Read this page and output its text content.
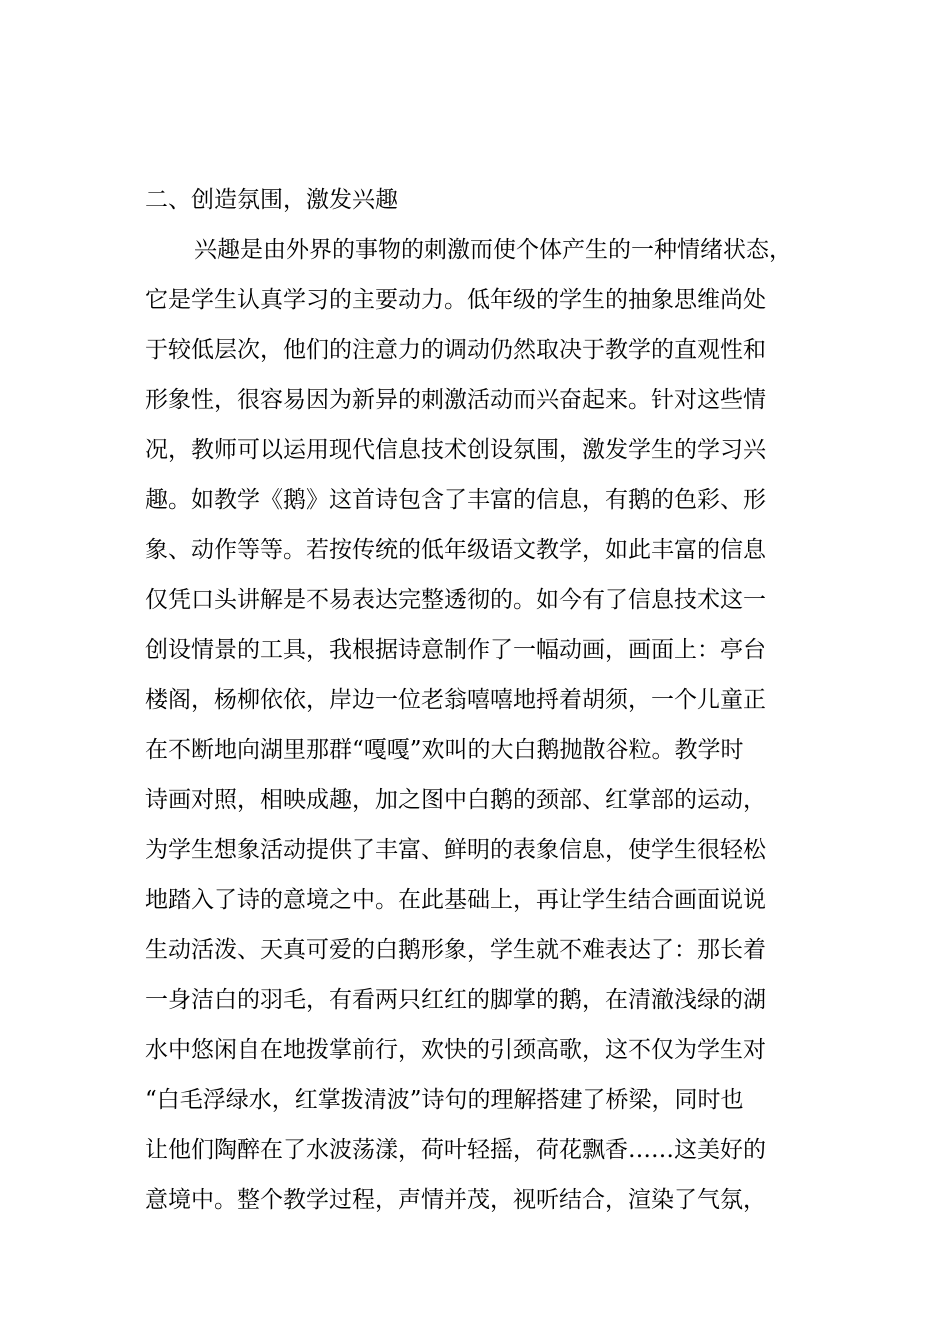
二、创造氛围，激发兴趣
兴趣是由外界的事物的刺激而使个体产生的一种情绪状态，
它是学生认真学习的主要动力。低年级的学生的抽象思维尚处
于较低层次，他们的注意力的调动仍然取决于教学的直观性和
形象性，很容易因为新异的刺激活动而兴奋起来。针对这些情
况，教师可以运用现代信息技术创设氛围，激发学生的学习兴
趣。如教学《鹅》这首诗包含了丰富的信息，有鹅的色彩、形
象、动作等等。若按传统的低年级语文教学，如此丰富的信息
仅凭口头讲解是不易表达完整透彻的。如今有了信息技术这一
创设情景的工具，我根据诗意制作了一幅动画，画面上：亭台
楼阁，杨柳依依，岸边一位老翁嘻嘻地捋着胡须，一个儿童正
在不断地向湖里那群“嘎嘎”欢叫的大白鹅抛散谷粒。教学时
诗画对照，相映成趣，加之图中白鹅的颈部、红掌部的运动，
为学生想象活动提供了丰富、鲜明的表象信息，使学生很轻松
地踏入了诗的意境之中。在此基础上，再让学生结合画面说说
生动活泼、天真可爱的白鹅形象，学生就不难表达了：那长着
一身洁白的羽毛，有看两只红红的脚掌的鹅，在清澈浅绿的湖
水中悠闲自在地拨掌前行，欢快的引颈高歌，这不仅为学生对
“白毛浮绿水，红掌拨清波”诗句的理解搭建了桥梁，同时也
让他们陶醉在了水波荡漾，荷叶轻摇，荷花飘香……这美好的
意境中。整个教学过程，声情并茂，视听结合，渲染了气氛，
